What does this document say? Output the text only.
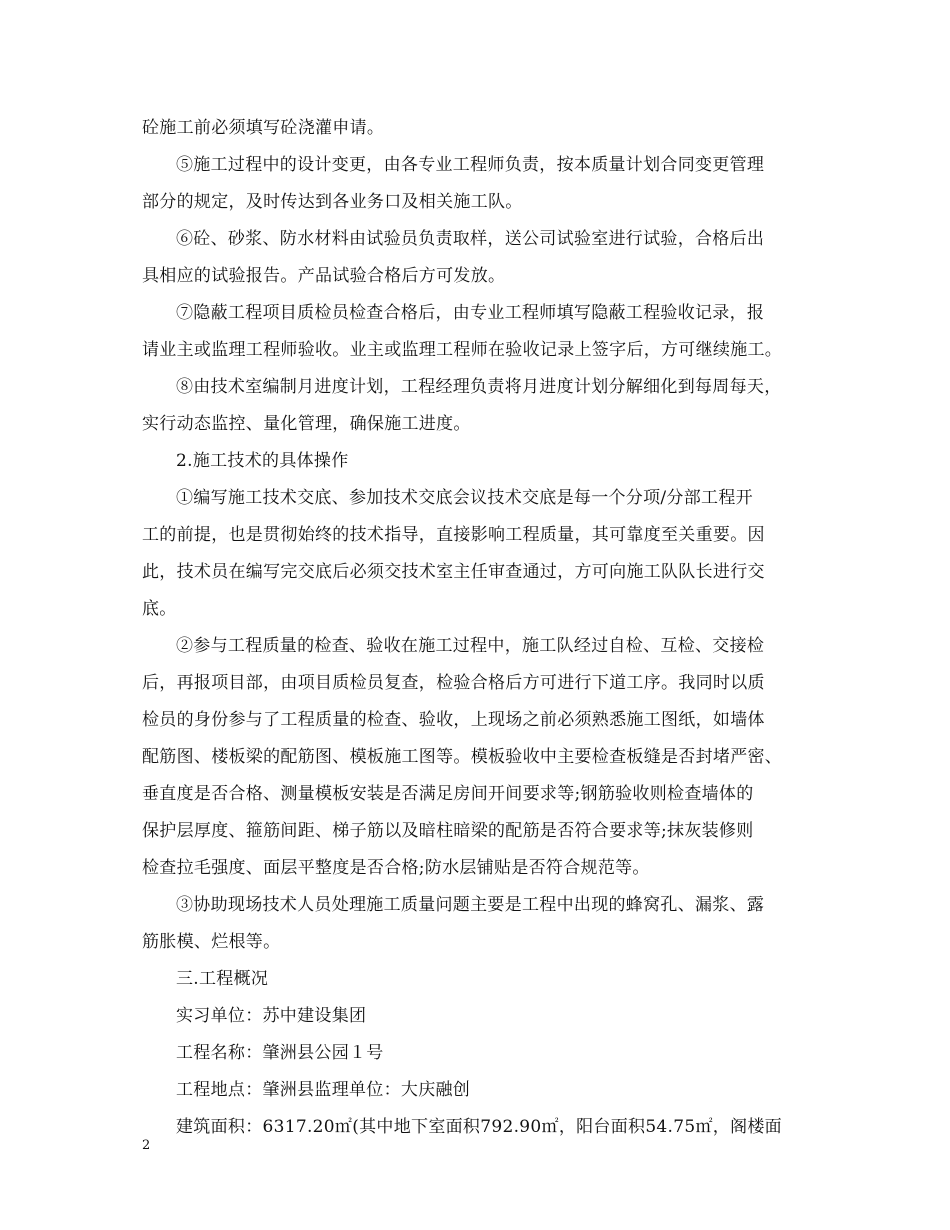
砼施工前必须填写砼浇灌申请。
⑤施工过程中的设计变更，由各专业工程师负责，按本质量计划合同变更管理
部分的规定，及时传达到各业务口及相关施工队。
⑥砼、砂浆、防水材料由试验员负责取样，送公司试验室进行试验，合格后出
具相应的试验报告。产品试验合格后方可发放。
⑦隐蔽工程项目质检员检查合格后，由专业工程师填写隐蔽工程验收记录，报
请业主或监理工程师验收。业主或监理工程师在验收记录上签字后，方可继续施工。
⑧由技术室编制月进度计划，工程经理负责将月进度计划分解细化到每周每天，
实行动态监控、量化管理，确保施工进度。
2.施工技术的具体操作
①编写施工技术交底、参加技术交底会议技术交底是每一个分项/分部工程开
工的前提，也是贯彻始终的技术指导，直接影响工程质量，其可靠度至关重要。因
此，技术员在编写完交底后必须交技术室主任审查通过，方可向施工队队长进行交
底。
②参与工程质量的检查、验收在施工过程中，施工队经过自检、互检、交接检
后，再报项目部，由项目质检员复查，检验合格后方可进行下道工序。我同时以质
检员的身份参与了工程质量的检查、验收，上现场之前必须熟悉施工图纸，如墙体
配筋图、楼板梁的配筋图、模板施工图等。模板验收中主要检查板缝是否封堵严密、
垂直度是否合格、测量模板安装是否满足房间开间要求等;钢筋验收则检查墙体的
保护层厚度、箍筋间距、梯子筋以及暗柱暗梁的配筋是否符合要求等;抹灰装修则
检查拉毛强度、面层平整度是否合格;防水层铺贴是否符合规范等。
③协助现场技术人员处理施工质量问题主要是工程中出现的蜂窝孔、漏浆、露
筋胀模、烂根等。
三.工程概况
实习单位：苏中建设集团
工程名称：肇洲县公园１号
工程地点：肇洲县监理单位：大庆融创
建筑面积：6317.20㎡(其中地下室面积792.90㎡，阳台面积54.75㎡，阁楼面
2
